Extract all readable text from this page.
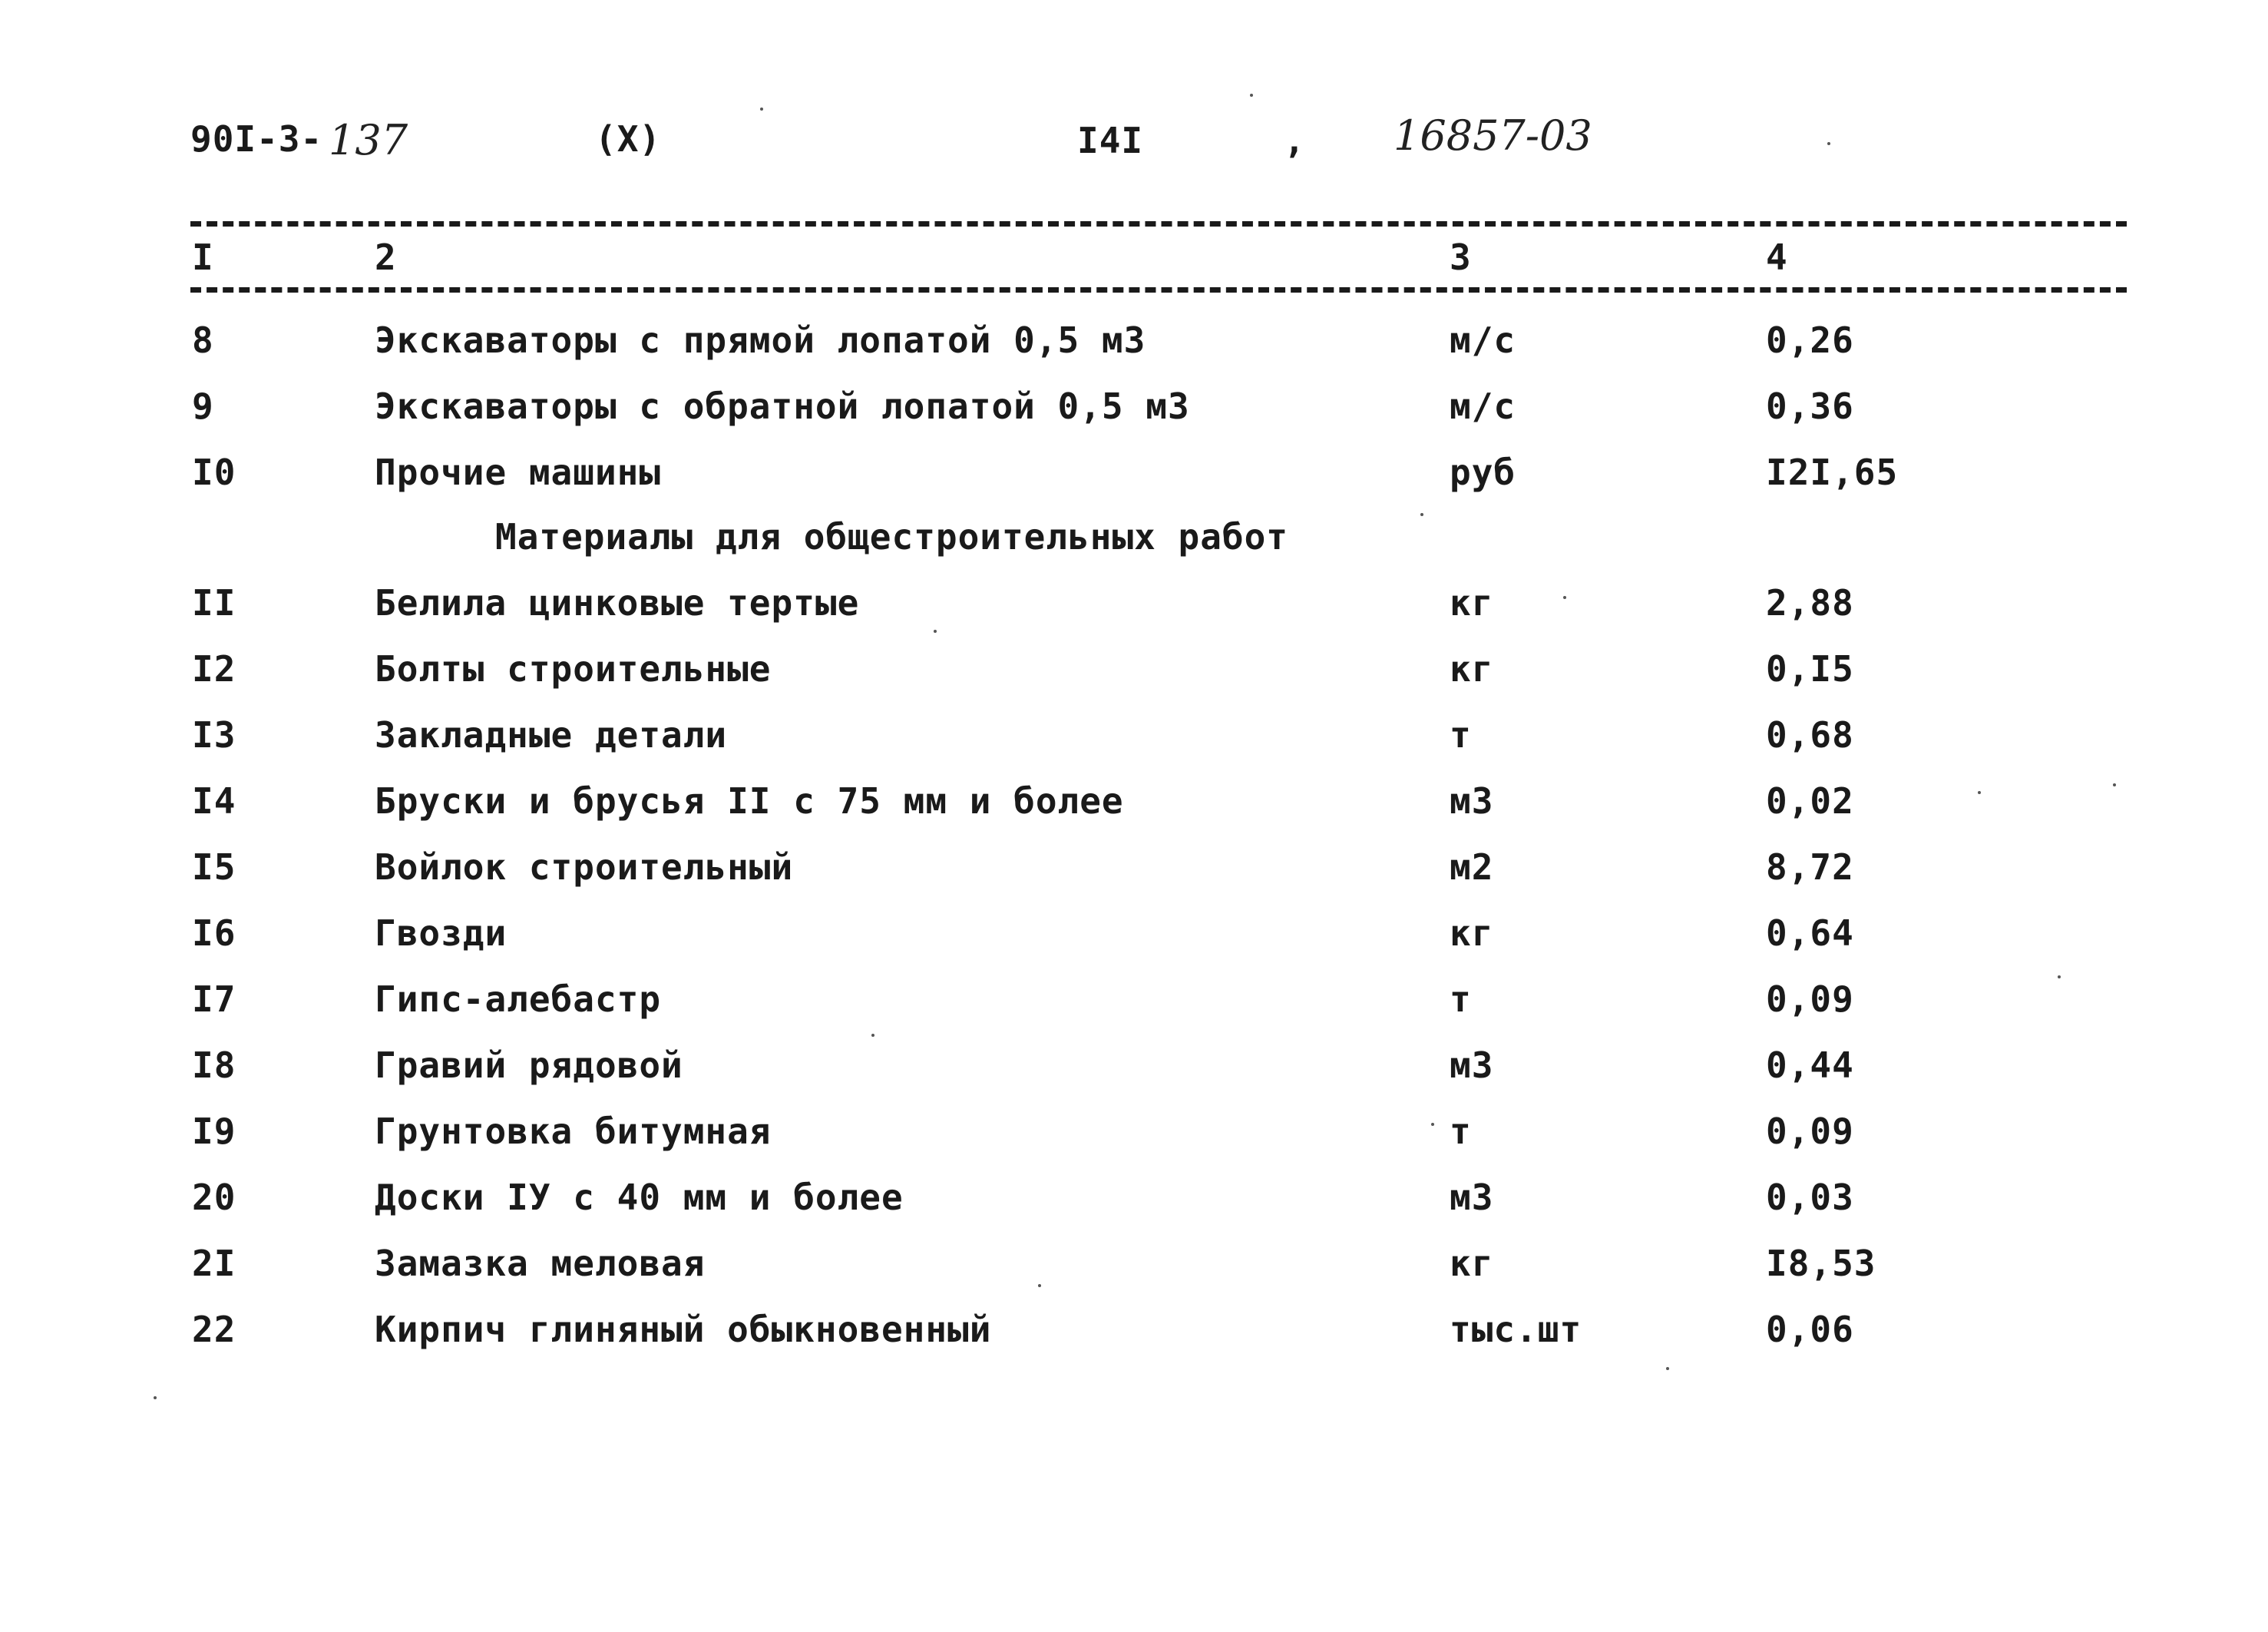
90I-3- 137	(X)	I4I	, 16857-03
I	2	3	4
8	Экскаваторы с прямой лопатой 0,5 м3	м/с	0,26
9	Экскаваторы с обратной лопатой 0,5 м3	м/с	0,36
I0	Прочие машины	руб	I2I,65
Материалы для общестроительных работ
II	Белила цинковые тертые	кг	2,88
I2	Болты строительные	кг	0,I5
I3	Закладные детали	т	0,68
I4	Бруски и брусья II с 75 мм и более	м3	0,02
I5	Войлок строительный	м2	8,72
I6	Гвозди	кг	0,64
I7	Гипс-алебастр	т	0,09
I8	Гравий рядовой	м3	0,44
I9	Грунтовка битумная	т	0,09
20	Доски IУ с 40 мм и более	м3	0,03
2I	Замазка меловая	кг	I8,53
22	Кирпич глиняный обыкновенный	тыс.шт	0,06
